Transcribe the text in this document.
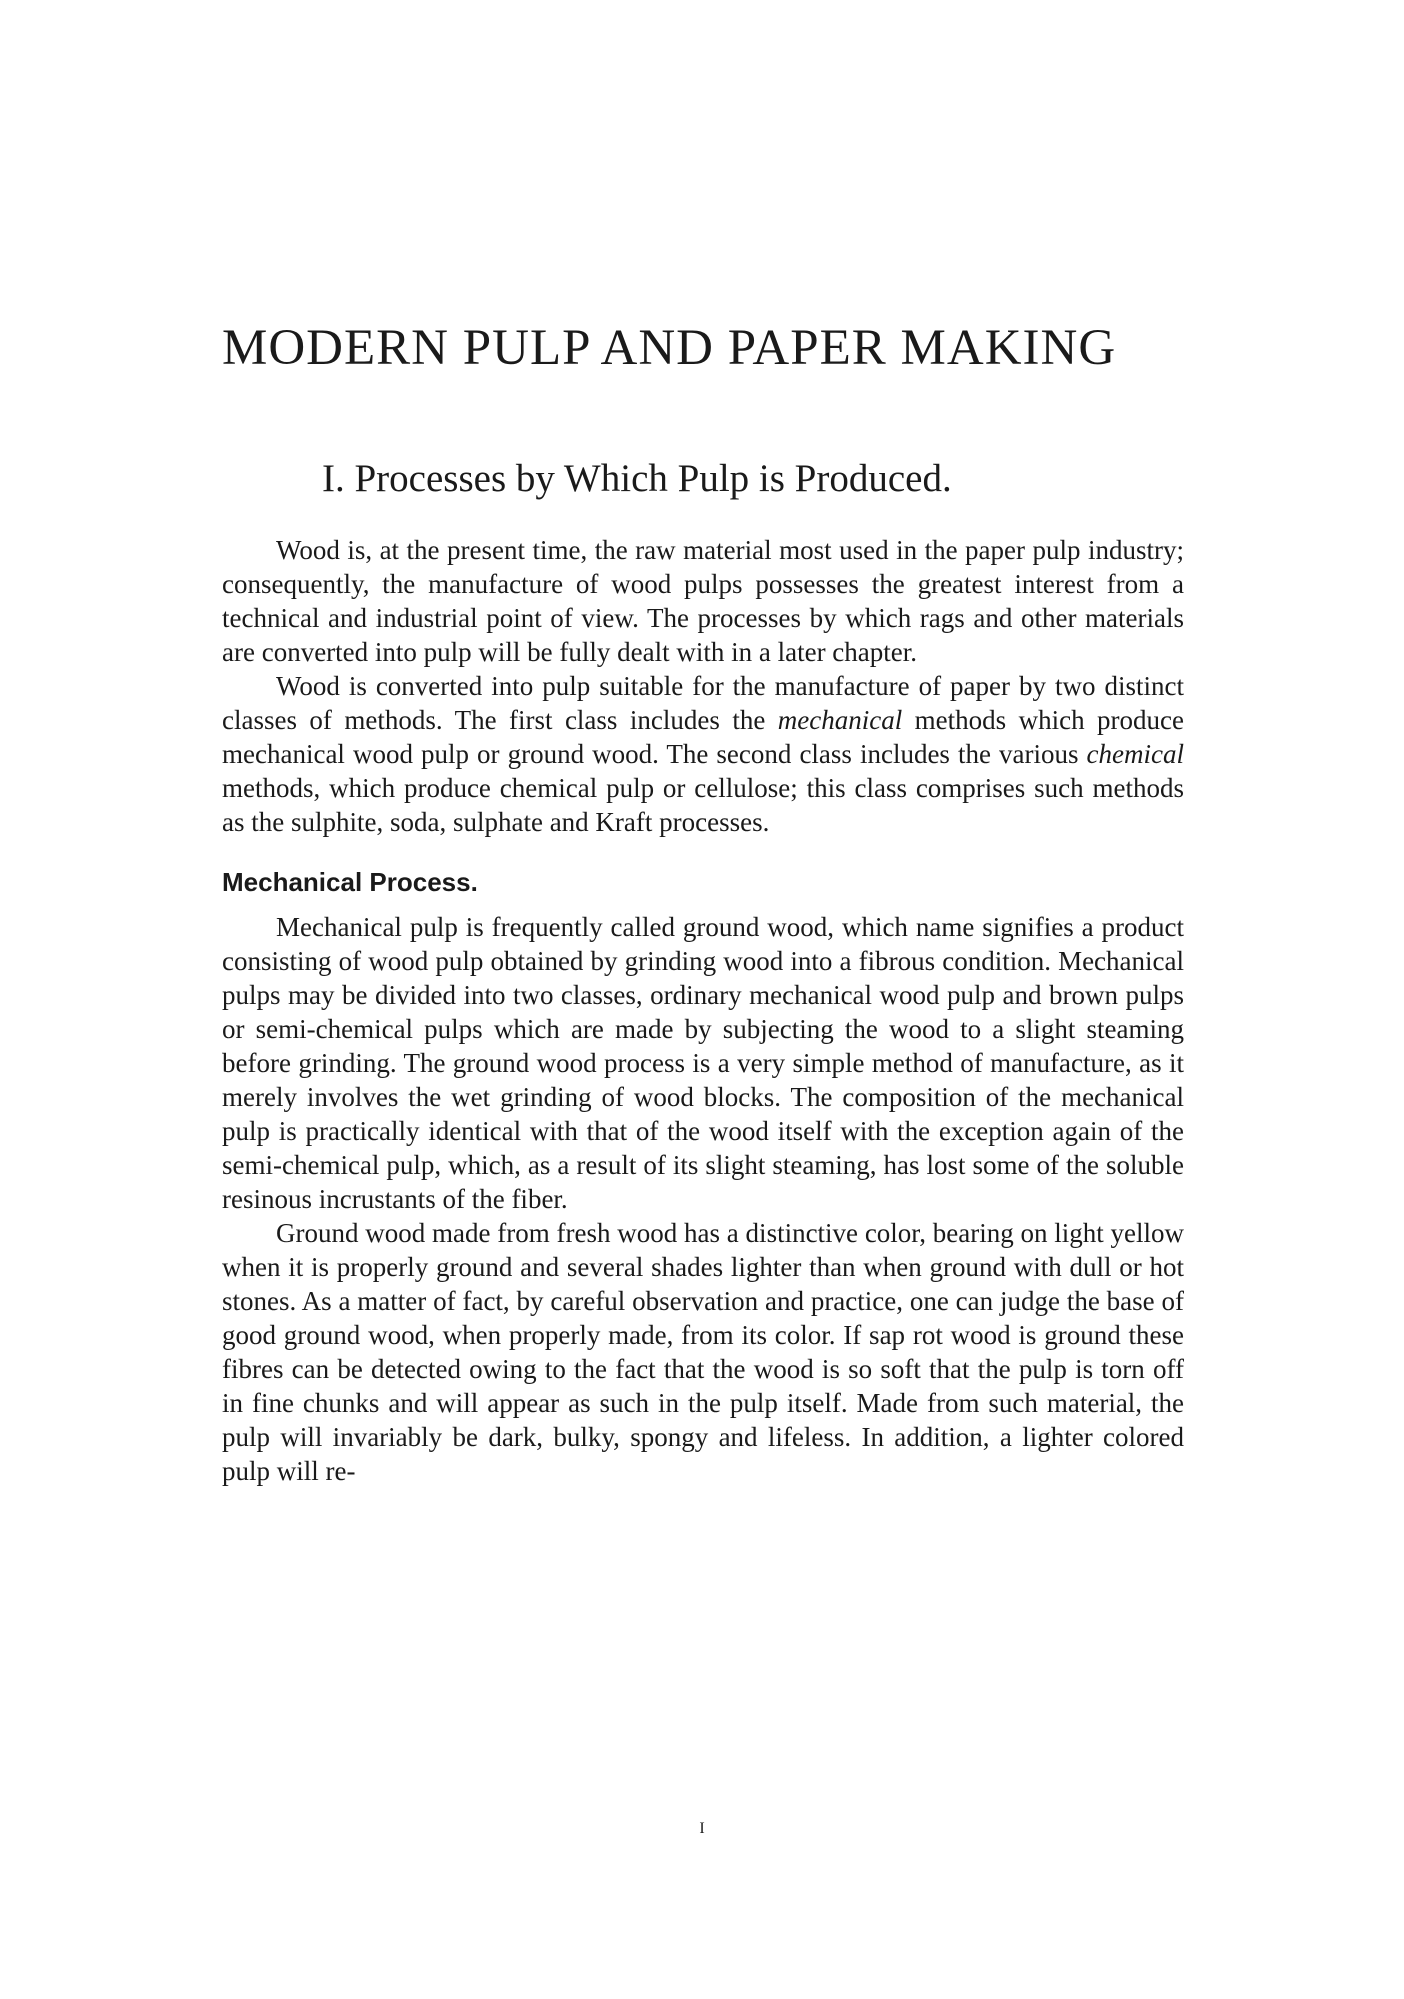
MODERN PULP AND PAPER MAKING
I. Processes by Which Pulp is Produced.

Wood is, at the present time, the raw material most used in the paper pulp industry; consequently, the manufacture of wood pulps possesses the greatest interest from a technical and industrial point of view. The processes by which rags and other materials are converted into pulp will be fully dealt with in a later chapter.

Wood is converted into pulp suitable for the manufacture of paper by two distinct classes of methods. The first class includes the mechanical methods which produce mechanical wood pulp or ground wood. The second class includes the various chemical methods, which produce chemical pulp or cellulose; this class comprises such methods as the sulphite, soda, sulphate and Kraft processes.

Mechanical Process.

Mechanical pulp is frequently called ground wood, which name signifies a product consisting of wood pulp obtained by grinding wood into a fibrous condition. Mechanical pulps may be divided into two classes, ordinary mechanical wood pulp and brown pulps or semi-chemical pulps which are made by subjecting the wood to a slight steaming before grinding. The ground wood process is a very simple method of manufacture, as it merely involves the wet grinding of wood blocks. The composition of the mechanical pulp is practically identical with that of the wood itself with the exception again of the semi-chemical pulp, which, as a result of its slight steaming, has lost some of the soluble resinous incrustants of the fiber.

Ground wood made from fresh wood has a distinctive color, bearing on light yellow when it is properly ground and several shades lighter than when ground with dull or hot stones. As a matter of fact, by careful observation and practice, one can judge the base of good ground wood, when properly made, from its color. If sap rot wood is ground these fibres can be detected owing to the fact that the wood is so soft that the pulp is torn off in fine chunks and will appear as such in the pulp itself. Made from such material, the pulp will invariably be dark, bulky, spongy and lifeless. In addition, a lighter colored pulp will re-

I
